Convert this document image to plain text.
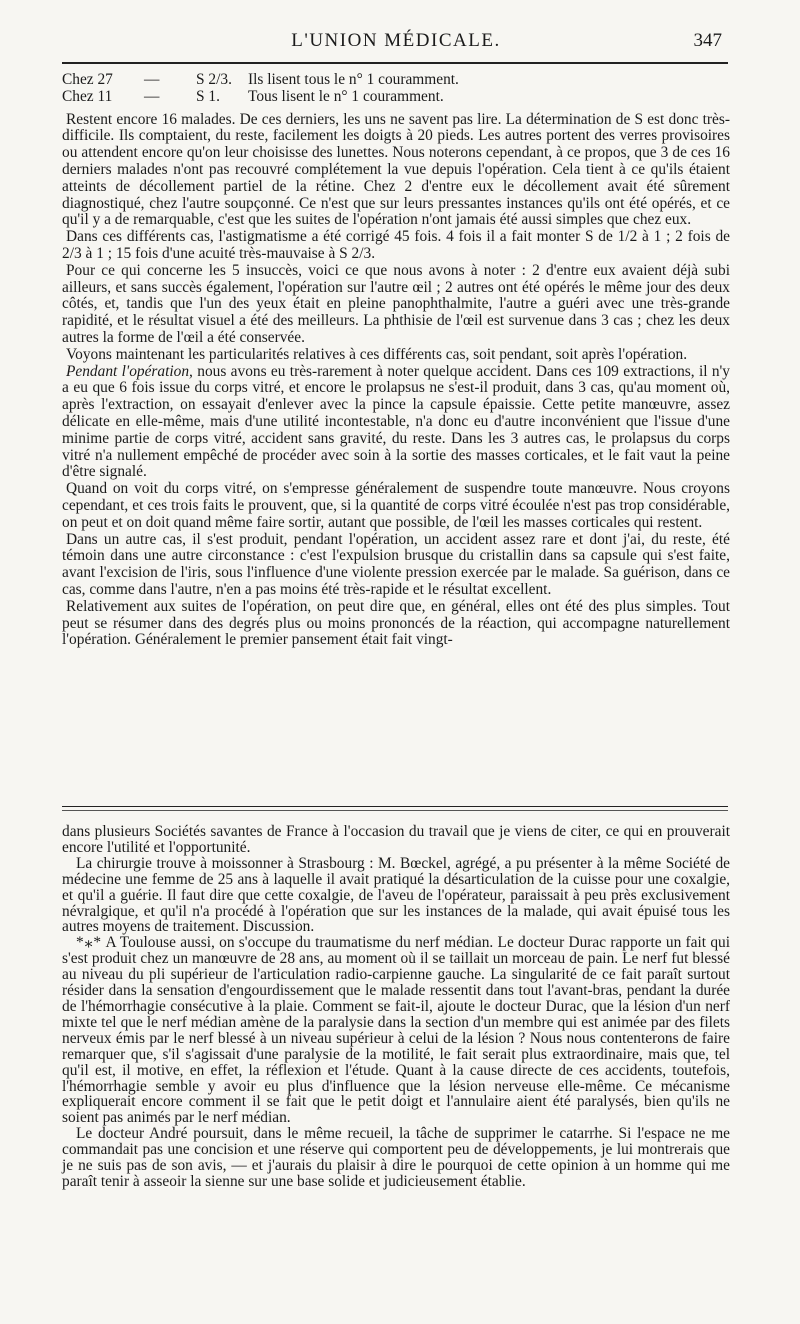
L'UNION MÉDICALE.	347
Chez 27	—	S 2/3.	Ils lisent tous le n° 1 couramment.
Chez 11	—	S 1.	Tous lisent le n° 1 couramment.

Restent encore 16 malades. De ces derniers, les uns ne savent pas lire. La détermination de S est donc très-difficile. Ils comptaient, du reste, facilement les doigts à 20 pieds. Les autres portent des verres provisoires ou attendent encore qu'on leur choisisse des lunettes. Nous noterons cependant, à ce propos, que 3 de ces 16 derniers malades n'ont pas recouvré complétement la vue depuis l'opération. Cela tient à ce qu'ils étaient atteints de décollement partiel de la rétine. Chez 2 d'entre eux le décollement avait été sûrement diagnostiqué, chez l'autre soupçonné. Ce n'est que sur leurs pressantes instances qu'ils ont été opérés, et ce qu'il y a de remarquable, c'est que les suites de l'opération n'ont jamais été aussi simples que chez eux.

Dans ces différents cas, l'astigmatisme a été corrigé 45 fois. 4 fois il a fait monter S de 1/2 à 1 ; 2 fois de 2/3 à 1 ; 15 fois d'une acuité très-mauvaise à S 2/3.

Pour ce qui concerne les 5 insuccès, voici ce que nous avons à noter : 2 d'entre eux avaient déjà subi ailleurs, et sans succès également, l'opération sur l'autre œil ; 2 autres ont été opérés le même jour des deux côtés, et, tandis que l'un des yeux était en pleine panophthalmite, l'autre a guéri avec une très-grande rapidité, et le résultat visuel a été des meilleurs. La phthisie de l'œil est survenue dans 3 cas ; chez les deux autres la forme de l'œil a été conservée.

Voyons maintenant les particularités relatives à ces différents cas, soit pendant, soit après l'opération.

Pendant l'opération, nous avons eu très-rarement à noter quelque accident. Dans ces 109 extractions, il n'y a eu que 6 fois issue du corps vitré, et encore le prolapsus ne s'est-il produit, dans 3 cas, qu'au moment où, après l'extraction, on essayait d'enlever avec la pince la capsule épaissie. Cette petite manœuvre, assez délicate en elle-même, mais d'une utilité incontestable, n'a donc eu d'autre inconvénient que l'issue d'une minime partie de corps vitré, accident sans gravité, du reste. Dans les 3 autres cas, le prolapsus du corps vitré n'a nullement empêché de procéder avec soin à la sortie des masses corticales, et le fait vaut la peine d'être signalé.

Quand on voit du corps vitré, on s'empresse généralement de suspendre toute manœuvre. Nous croyons cependant, et ces trois faits le prouvent, que, si la quantité de corps vitré écoulée n'est pas trop considérable, on peut et on doit quand même faire sortir, autant que possible, de l'œil les masses corticales qui restent.

Dans un autre cas, il s'est produit, pendant l'opération, un accident assez rare et dont j'ai, du reste, été témoin dans une autre circonstance : c'est l'expulsion brusque du cristallin dans sa capsule qui s'est faite, avant l'excision de l'iris, sous l'influence d'une violente pression exercée par le malade. Sa guérison, dans ce cas, comme dans l'autre, n'en a pas moins été très-rapide et le résultat excellent.

Relativement aux suites de l'opération, on peut dire que, en général, elles ont été des plus simples. Tout peut se résumer dans des degrés plus ou moins prononcés de la réaction, qui accompagne naturellement l'opération. Généralement le premier pansement était fait vingt-

dans plusieurs Sociétés savantes de France à l'occasion du travail que je viens de citer, ce qui en prouverait encore l'utilité et l'opportunité.

La chirurgie trouve à moissonner à Strasbourg : M. Bœckel, agrégé, a pu présenter à la même Société de médecine une femme de 25 ans à laquelle il avait pratiqué la désarticulation de la cuisse pour une coxalgie, et qu'il a guérie. Il faut dire que cette coxalgie, de l'aveu de l'opérateur, paraissait à peu près exclusivement névralgique, et qu'il n'a procédé à l'opération que sur les instances de la malade, qui avait épuisé tous les autres moyens de traitement. Discussion.

*⁎* A Toulouse aussi, on s'occupe du traumatisme du nerf médian. Le docteur Durac rapporte un fait qui s'est produit chez un manœuvre de 28 ans, au moment où il se taillait un morceau de pain. Le nerf fut blessé au niveau du pli supérieur de l'articulation radio-carpienne gauche. La singularité de ce fait paraît surtout résider dans la sensation d'engourdissement que le malade ressentit dans tout l'avant-bras, pendant la durée de l'hémorrhagie consécutive à la plaie. Comment se fait-il, ajoute le docteur Durac, que la lésion d'un nerf mixte tel que le nerf médian amène de la paralysie dans la section d'un membre qui est animée par des filets nerveux émis par le nerf blessé à un niveau supérieur à celui de la lésion ? Nous nous contenterons de faire remarquer que, s'il s'agissait d'une paralysie de la motilité, le fait serait plus extraordinaire, mais que, tel qu'il est, il motive, en effet, la réflexion et l'étude. Quant à la cause directe de ces accidents, toutefois, l'hémorrhagie semble y avoir eu plus d'influence que la lésion nerveuse elle-même. Ce mécanisme expliquerait encore comment il se fait que le petit doigt et l'annulaire aient été paralysés, bien qu'ils ne soient pas animés par le nerf médian.

Le docteur André poursuit, dans le même recueil, la tâche de supprimer le catarrhe. Si l'espace ne me commandait pas une concision et une réserve qui comportent peu de développements, je lui montrerais que je ne suis pas de son avis, — et j'aurais du plaisir à dire le pourquoi de cette opinion à un homme qui me paraît tenir à asseoir la sienne sur une base solide et judicieusement établie.
